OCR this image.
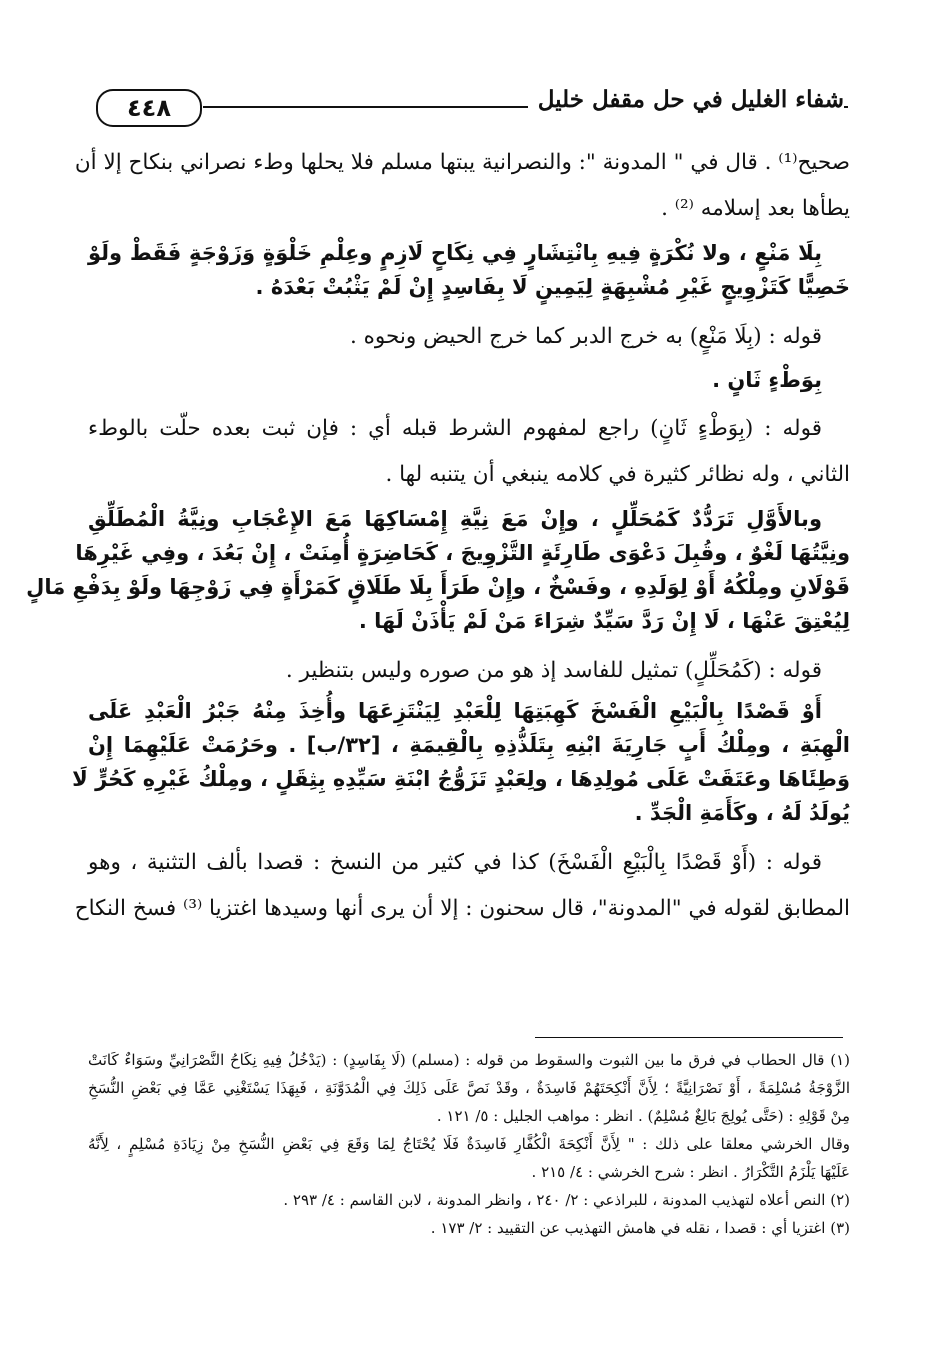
٤٤٨	شفاء الغليل في حل مقفل خليل
صحيح⁽¹⁾ . قال في " المدونة ": والنصرانية يبتها مسلم فلا يحلها وطء نصراني بنكاح إلا أن
يطأها بعد إسلامه ⁽²⁾ .
بِلَا مَنْعٍ ، ولا نُكْرَةٍ فِيهِ بِانْتِشَارٍ فِي نِكَاحٍ لَازِمٍ وعِلْمِ خَلْوَةٍ وَزَوْجَةٍ فَقَطْ ولَوْ
خَصِيًّا كَتَزْوِيجٍ غَيْرِ مُشْبِهَةٍ لِيَمِينٍ لَا بِفَاسِدٍ إِنْ لَمْ يَثْبُتْ بَعْدَهُ .
قوله : (بِلَا مَنْعٍ) به خرج الدبر كما خرج الحيض ونحوه .
بِوَطْءٍ ثَانٍ .
قوله : (بِوَطْءٍ ثَانٍ) راجع لمفهوم الشرط قبله أي : فإن ثبت بعده حلّت بالوطء
الثاني ، وله نظائر كثيرة في كلامه ينبغي أن يتنبه لها .
وبالأَوَّلِ تَرَدُّدٌ كَمُحَلِّلٍ ، وإِنْ مَعَ نِيَّةِ إِمْسَاكِهَا مَعَ الإِعْجَابِ ونِيَّةُ الْمُطَلِّقِ
ونِيَّتُهَا لَغْوٌ ، وقُبِلَ دَعْوَى طَارِئَةٍ التَّزْوِيجَ ، كَحَاضِرَةٍ أُمِنَتْ ، إِنْ بَعُدَ ، وفِي غَيْرِهَا
قَوْلَانِ ومِلْكُهُ أَوْ لِوَلَدِهِ ، وفَسْخٌ ، وإِنْ طَرَأَ بِلَا طَلَاقٍ كَمَرْأَةٍ فِي زَوْجِهَا ولَوْ بِدَفْعِ مَالٍ
لِيُعْتِقَ عَنْهَا ، لَا إِنْ رَدَّ سَيِّدٌ شِرَاءَ مَنْ لَمْ يَأْذَنْ لَهَا .
قوله : (كَمُحَلِّلٍ) تمثيل للفاسد إذ هو من صوره وليس بتنظير .
أَوْ قَصْدًا بِالْبَيْعِ الْفَسْخَ كَهِبَتِهَا لِلْعَبْدِ لِيَنْتَزِعَهَا وأُخِذَ مِنْهُ جَبْرُ الْعَبْدِ عَلَى
الْهِبَةِ ، ومِلْكُ أَبٍ جَارِيَةَ ابْنِهِ بِتَلَذُّذِهِ بِالْقِيمَةِ ، [٣٢/ب] . وحَرُمَتْ عَلَيْهِمَا إِنْ
وَطِئَاهَا وعَتَقَتْ عَلَى مُولِدِهَا ، ولِعَبْدٍ تَزَوُّجُ ابْنَةِ سَيِّدِهِ بِثِقَلٍ ، ومِلْكُ غَيْرِهِ كَحُرٍّ لَا
يُولَدُ لَهُ ، وكَأَمَةِ الْجَدِّ .
قوله : (أَوْ قَصْدًا بِالْبَيْعِ الْفَسْخَ) كذا في كثير من النسخ : قصدا بألف التثنية ، وهو
المطابق لقوله في "المدونة"، قال سحنون : إلا أن يرى أنها وسيدها اغتزيا ⁽³⁾ فسخ النكاح
(١) قال الحطاب في فرق ما بين الثبوت والسقوط من قوله : (مسلم) (لَا بِفَاسِدٍ) : (يَدْخُلُ فِيهِ نِكَاحُ النَّصْرَانِيِّ وسَوَاءٌ كَانَتْ
الزَّوْجَةُ مُسْلِمَةً ، أَوْ نَصْرَانِيَّةً ؛ لِأَنَّ أَنْكِحَتَهُمْ فَاسِدَةٌ ، وقَدْ نَصَّ عَلَى ذَلِكَ فِي الْمُدَوَّنَةِ ، فَبِهَذَا يَسْتَغْنِي عَمَّا فِي بَعْضِ النُّسَخِ
مِنْ قَوْلِهِ : (حَتَّى يُولِجَ بَالِغٌ مُسْلِمٌ) . انظر : مواهب الجليل : ٥/ ١٢١ .
وقال الخرشي معلقا على ذلك : " لِأَنَّ أَنْكِحَةَ الْكُفَّارِ فَاسِدَةٌ فَلَا يُحْتَاجُ لِمَا وَقَعَ فِي بَعْضِ النُّسَخِ مِنْ زِيَادَةِ مُسْلِمٍ ، لِأَنَّهُ
عَلَيْهَا يَلْزَمُ التَّكْرَارُ . انظر : شرح الخرشي : ٤/ ٢١٥ .
(٢) النص أعلاه لتهذيب المدونة ، للبراذعي : ٢/ ٢٤٠ ، وانظر المدونة ، لابن القاسم : ٤/ ٢٩٣ .
(٣) اغتزيا أي : قصدا ، نقله في هامش التهذيب عن التقييد : ٢/ ١٧٣ .
